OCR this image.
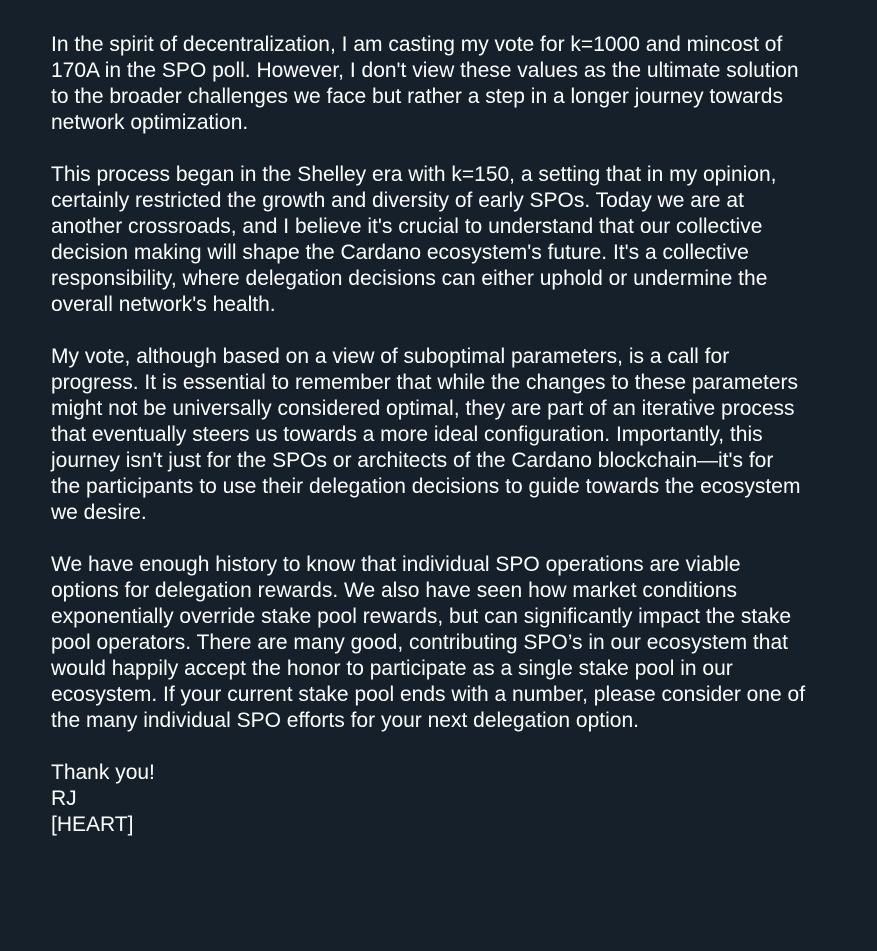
In the spirit of decentralization, I am casting my vote for k=1000 and mincost of
170A in the SPO poll. However, I don't view these values as the ultimate solution
to the broader challenges we face but rather a step in a longer journey towards
network optimization.

This process began in the Shelley era with k=150, a setting that in my opinion,
certainly restricted the growth and diversity of early SPOs. Today we are at
another crossroads, and I believe it's crucial to understand that our collective
decision making will shape the Cardano ecosystem's future. It's a collective
responsibility, where delegation decisions can either uphold or undermine the
overall network's health.

My vote, although based on a view of suboptimal parameters, is a call for
progress. It is essential to remember that while the changes to these parameters
might not be universally considered optimal, they are part of an iterative process
that eventually steers us towards a more ideal configuration. Importantly, this
journey isn't just for the SPOs or architects of the Cardano blockchain—it's for
the participants to use their delegation decisions to guide towards the ecosystem
we desire.

We have enough history to know that individual SPO operations are viable
options for delegation rewards. We also have seen how market conditions
exponentially override stake pool rewards, but can significantly impact the stake
pool operators. There are many good, contributing SPO’s in our ecosystem that
would happily accept the honor to participate as a single stake pool in our
ecosystem. If your current stake pool ends with a number, please consider one of
the many individual SPO efforts for your next delegation option.

Thank you!
RJ
[HEART]
